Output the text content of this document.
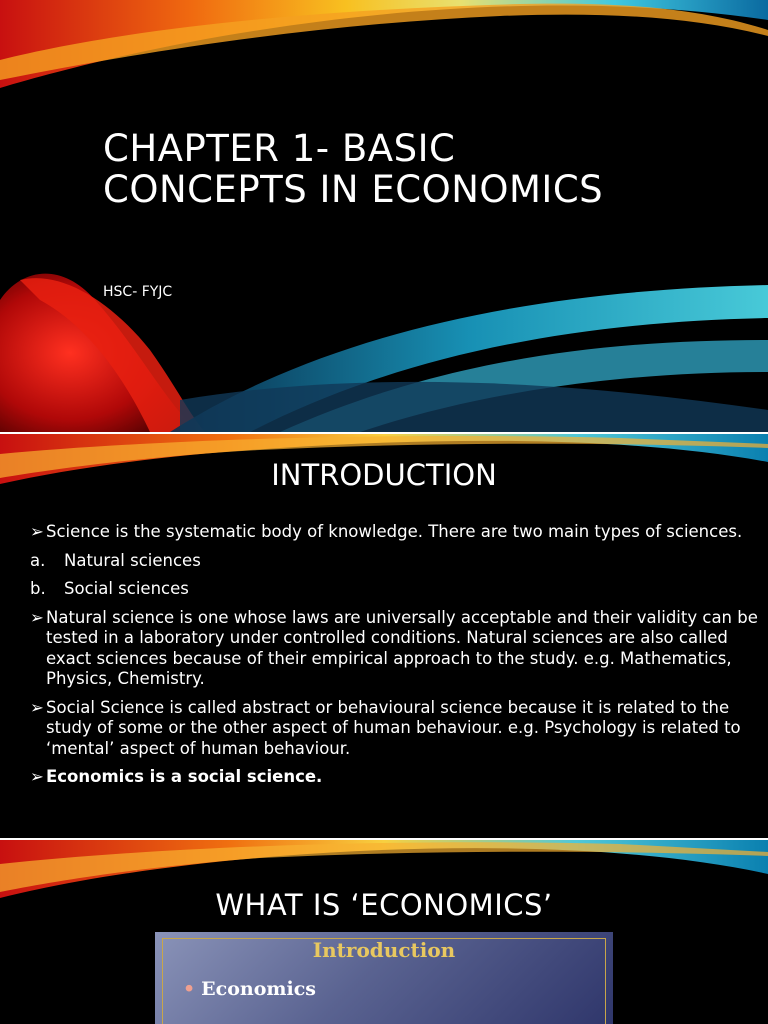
CHAPTER 1- BASIC
CONCEPTS IN ECONOMICS
HSC- FYJC
INTRODUCTION
➢ Science is the systematic body of knowledge. There are two main types of sciences.
a. Natural sciences
b. Social sciences
➢ Natural science is one whose laws are universally acceptable and their validity can be tested in a laboratory under controlled conditions. Natural sciences are also called exact sciences because of their empirical approach to the study. e.g. Mathematics, Physics, Chemistry.
➢ Social Science is called abstract or behavioural science because it is related to the study of some or the other aspect of human behaviour. e.g. Psychology is related to ‘mental’ aspect of human behaviour.
➢ Economics is a social science.
WHAT IS ‘ECONOMICS’
Introduction
• Economics
